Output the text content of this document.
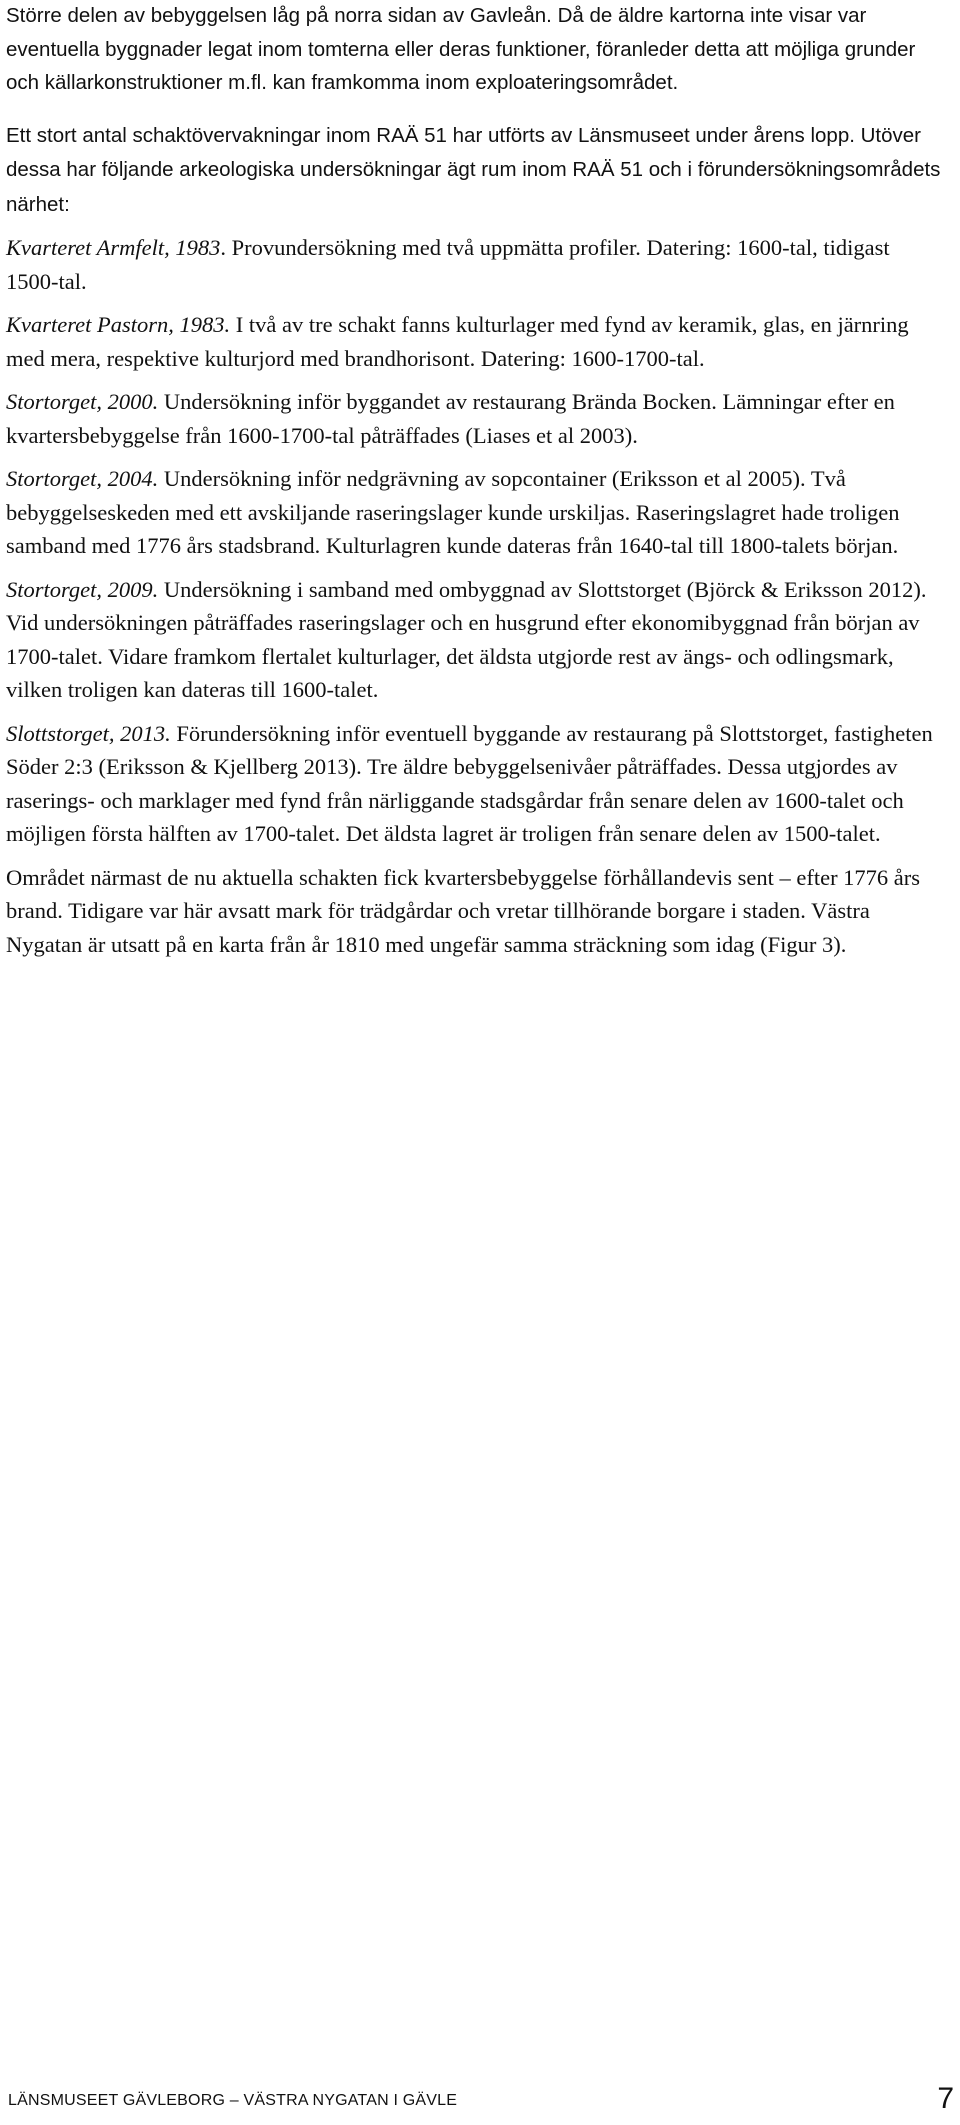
Större delen av bebyggelsen låg på norra sidan av Gavleån. Då de äldre kartorna inte visar var eventuella byggnader legat inom tomterna eller deras funktioner, föranleder detta att möjliga grunder och källarkonstruktioner m.fl. kan framkomma inom exploateringsområdet.

Ett stort antal schaktövervakningar inom RAÄ 51 har utförts av Länsmuseet under årens lopp. Utöver dessa har följande arkeologiska undersökningar ägt rum inom RAÄ 51 och i förundersökningsområdets närhet:

Kvarteret Armfelt, 1983. Provundersökning med två uppmätta profiler. Datering: 1600-tal, tidigast 1500-tal.

Kvarteret Pastorn, 1983. I två av tre schakt fanns kulturlager med fynd av keramik, glas, en järnring med mera, respektive kulturjord med brandhorisont. Datering: 1600-1700-tal.

Stortorget, 2000. Undersökning inför byggandet av restaurang Brända Bocken. Lämningar efter en kvartersbebyggelse från 1600-1700-tal påträffades (Liases et al 2003).

Stortorget, 2004. Undersökning inför nedgrävning av sopcontainer (Eriksson et al 2005). Två bebyggelseskeden med ett avskiljande raseringslager kunde urskiljas. Raseringslagret hade troligen samband med 1776 års stadsbrand. Kulturlagren kunde dateras från 1640-tal till 1800-talets början.

Stortorget, 2009. Undersökning i samband med ombyggnad av Slottstorget (Björck & Eriksson 2012). Vid undersökningen påträffades raseringslager och en husgrund efter ekonomibyggnad från början av 1700-talet. Vidare framkom flertalet kulturlager, det äldsta utgjorde rest av ängs- och odlingsmark, vilken troligen kan dateras till 1600-talet.

Slottstorget, 2013. Förundersökning inför eventuell byggande av restaurang på Slottstorget, fastigheten Söder 2:3 (Eriksson & Kjellberg 2013). Tre äldre bebyggelsenivåer påträffades. Dessa utgjordes av raserings- och marklager med fynd från närliggande stadsgårdar från senare delen av 1600-talet och möjligen första hälften av 1700-talet. Det äldsta lagret är troligen från senare delen av 1500-talet.

Området närmast de nu aktuella schakten fick kvartersbebyggelse förhållandevis sent – efter 1776 års brand. Tidigare var här avsatt mark för trädgårdar och vretar tillhörande borgare i staden. Västra Nygatan är utsatt på en karta från år 1810 med ungefär samma sträckning som idag (Figur 3).

LÄNSMUSEET GÄVLEBORG – VÄSTRA NYGATAN I GÄVLE	7
